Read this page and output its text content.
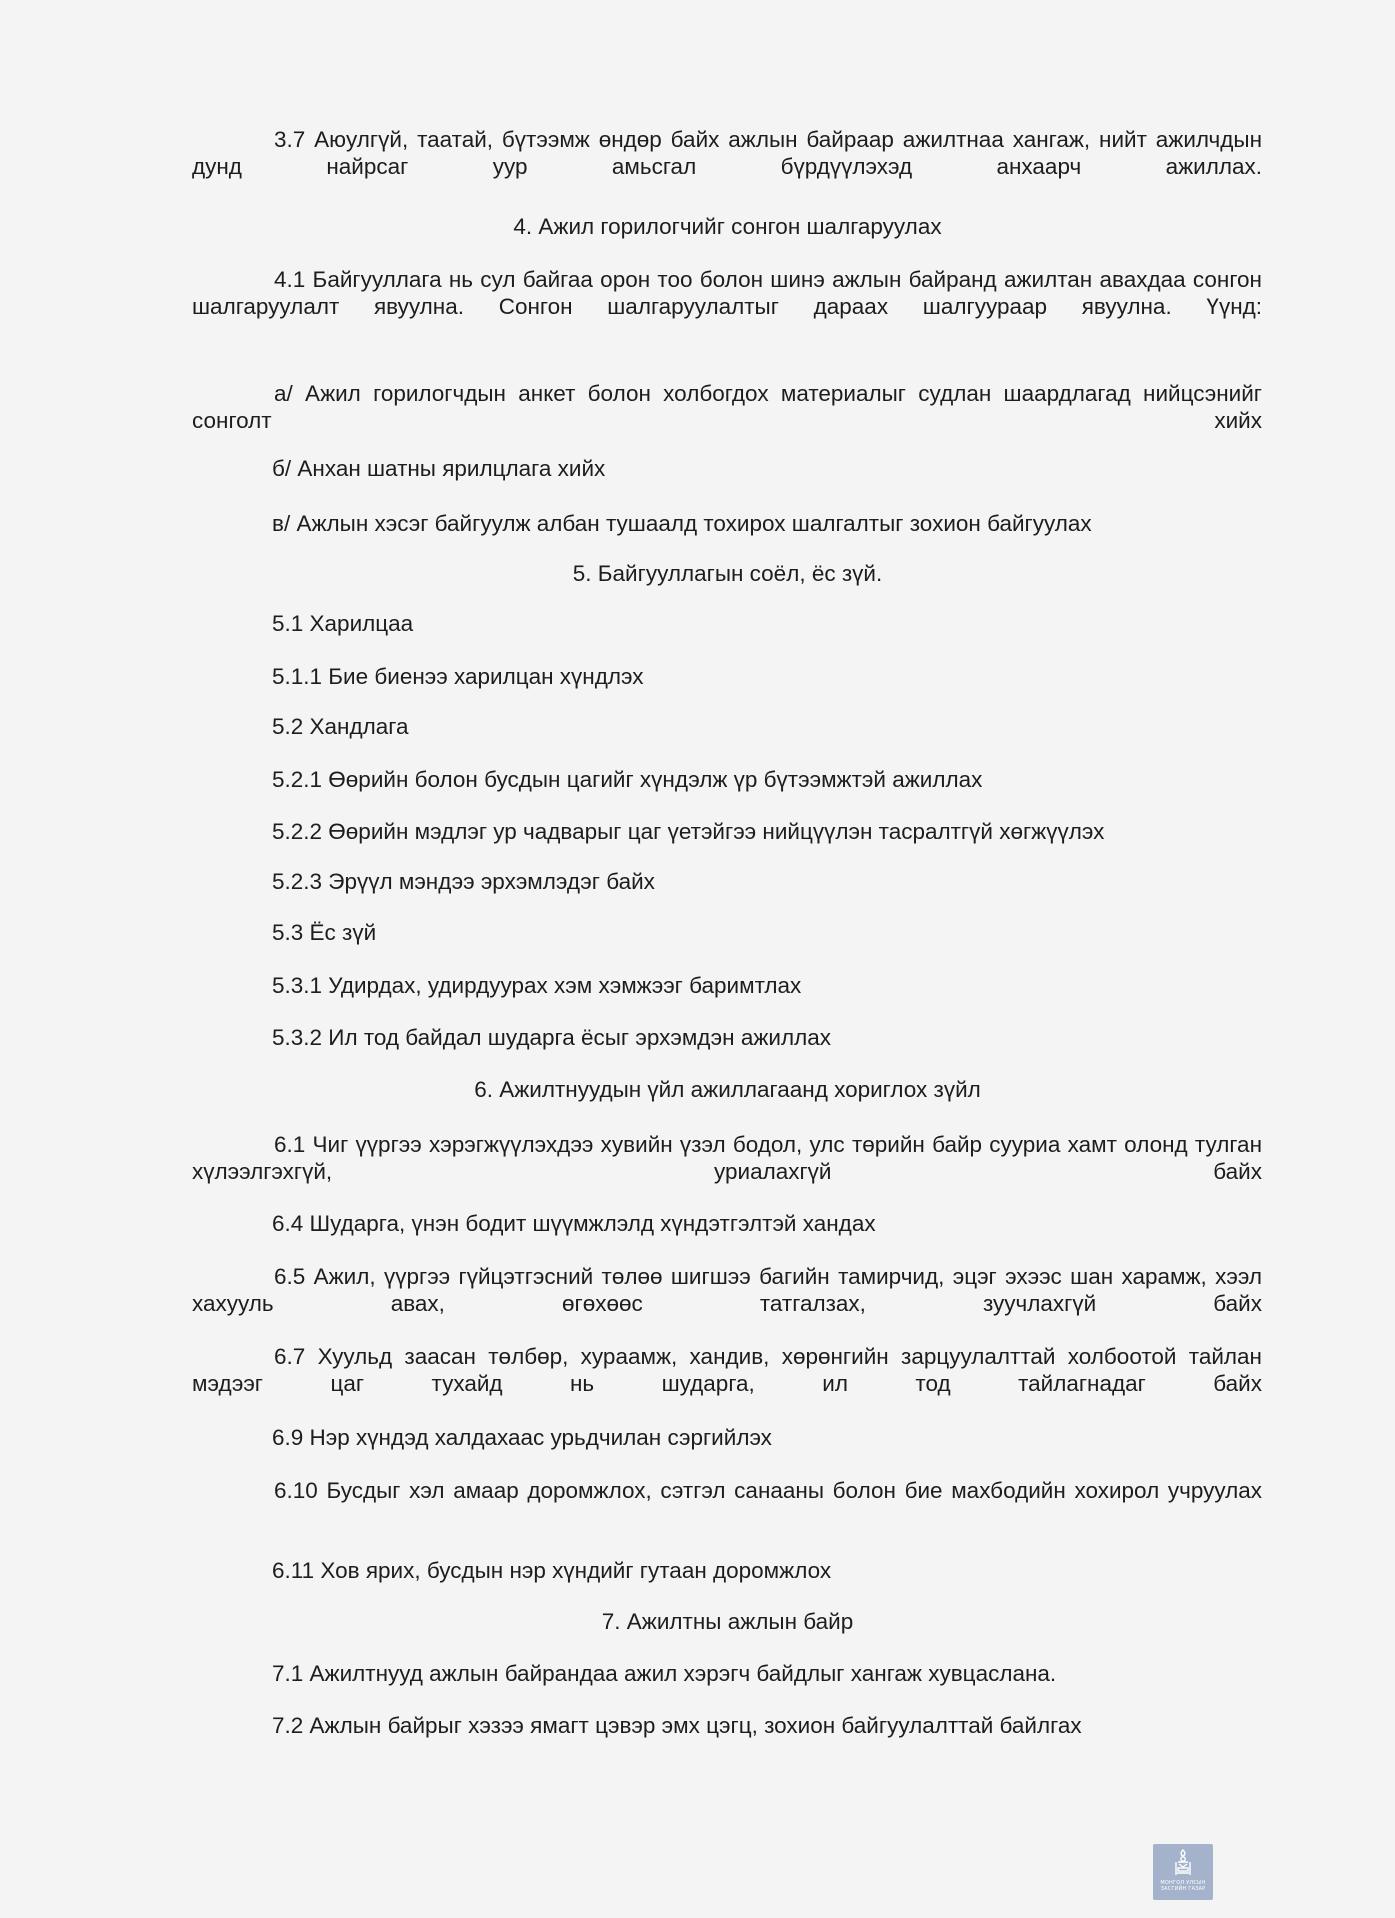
3.7 Аюулгүй, таатай, бүтээмж өндөр байх ажлын байраар ажилтнаа хангаж, нийт ажилчдын дунд найрсаг уур амьсгал бүрдүүлэхэд анхаарч ажиллах.

4. Ажил горилогчийг сонгон шалгаруулах

4.1 Байгууллага нь сул байгаа орон тоо болон шинэ ажлын байранд ажилтан авахдаа сонгон шалгаруулалт явуулна. Сонгон шалгаруулалтыг дараах шалгуураар явуулна. Үүнд:

а/ Ажил горилогчдын анкет болон холбогдох материалыг судлан шаардлагад нийцсэнийг сонголт хийх

б/ Анхан шатны ярилцлага хийх

в/ Ажлын хэсэг байгуулж албан тушаалд тохирох шалгалтыг зохион байгуулах

5. Байгууллагын соёл, ёс зүй.

5.1 Харилцаа

5.1.1 Бие биенээ харилцан хүндлэх

5.2 Хандлага

5.2.1 Өөрийн болон бусдын цагийг хүндэлж үр бүтээмжтэй ажиллах

5.2.2 Өөрийн мэдлэг ур чадварыг цаг үетэйгээ нийцүүлэн тасралтгүй хөгжүүлэх

5.2.3 Эрүүл мэндээ эрхэмлэдэг байх

5.3 Ёс зүй

5.3.1 Удирдах, удирдуурах хэм хэмжээг баримтлах

5.3.2 Ил тод байдал шударга ёсыг эрхэмдэн ажиллах

6. Ажилтнуудын үйл ажиллагаанд хориглох зүйл

6.1 Чиг үүргээ хэрэгжүүлэхдээ хувийн үзэл бодол, улс төрийн байр сууриа хамт олонд тулган хүлээлгэхгүй, уриалахгүй байх

6.4 Шударга, үнэн бодит шүүмжлэлд хүндэтгэлтэй хандах

6.5 Ажил, үүргээ гүйцэтгэсний төлөө шигшээ багийн тамирчид, эцэг эхээс шан харамж, хээл хахууль авах, өгөхөөс татгалзах, зуучлахгүй байх

6.7 Хуульд заасан төлбөр, хураамж, хандив, хөрөнгийн зарцуулалттай холбоотой тайлан мэдээг цаг тухайд нь шударга, ил тод тайлагнадаг байх

6.9 Нэр хүндэд халдахаас урьдчилан сэргийлэх

6.10 Бусдыг хэл амаар доромжлох, сэтгэл санааны болон бие махбодийн хохирол учруулах

6.11 Хов ярих, бусдын нэр хүндийг гутаан доромжлох

7. Ажилтны ажлын байр

7.1 Ажилтнууд ажлын байрандаа ажил хэрэгч байдлыг хангаж хувцаслана.

7.2 Ажлын байрыг хэзээ ямагт цэвэр эмх цэгц, зохион байгуулалттай байлгах

МОНГОЛ УЛСЫН ЗАСГИЙН ГАЗАР
